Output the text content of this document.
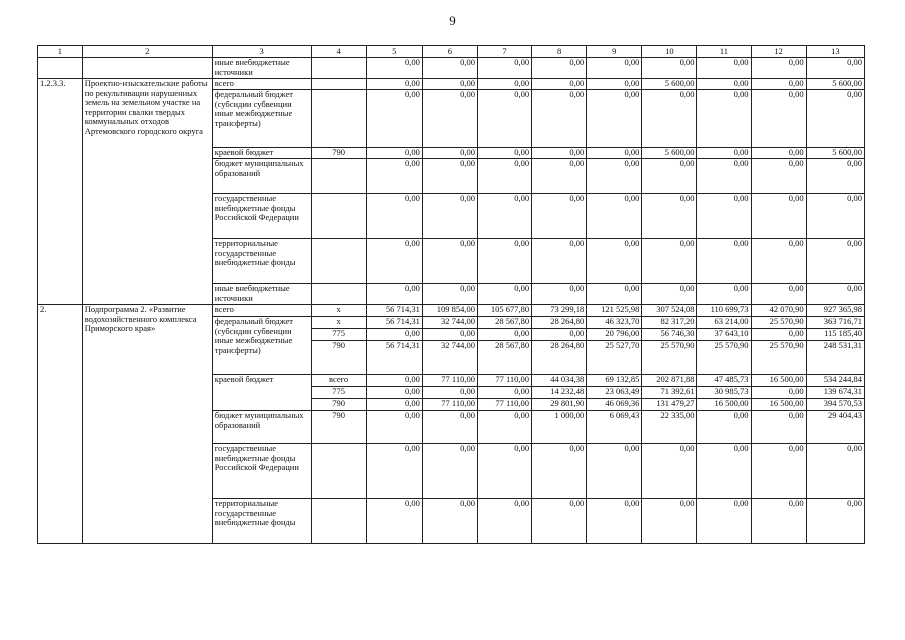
9
1	2	3	4	5	6	7	8	9	10	11	12	13
		иные внебюджетные источники		0,00	0,00	0,00	0,00	0,00	0,00	0,00	0,00	0,00
1.2.3.3.	Проектно-изыскательские работы по рекультивации нарушенных земель на земельном участке на территории свалки твердых коммунальных отходов Артемовского городского округа	всего		0,00	0,00	0,00	0,00	0,00	5 600,00	0,00	0,00	5 600,00
		федеральный бюджет (субсидии субвенции иные межбюджетные трансферты)		0,00	0,00	0,00	0,00	0,00	0,00	0,00	0,00	0,00
		краевой бюджет	790	0,00	0,00	0,00	0,00	0,00	5 600,00	0,00	0,00	5 600,00
		бюджет муниципальных образований		0,00	0,00	0,00	0,00	0,00	0,00	0,00	0,00	0,00
		государственные внебюджетные фонды Российской Федерации		0,00	0,00	0,00	0,00	0,00	0,00	0,00	0,00	0,00
		территориальные государственные внебюджетные фонды		0,00	0,00	0,00	0,00	0,00	0,00	0,00	0,00	0,00
		иные внебюджетные источники		0,00	0,00	0,00	0,00	0,00	0,00	0,00	0,00	0,00
2.	Подпрограмма 2. «Развитие водохозяйственного комплекса Приморского края»	всего	х	56 714,31	109 854,00	105 677,80	73 299,18	121 525,98	307 524,08	110 699,73	42 070,90	927 365,98
		федеральный бюджет (субсидии субвенции иные межбюджетные трансферты)	х	56 714,31	32 744,00	28 567,80	28 264,80	46 323,70	82 317,20	63 214,00	25 570,90	363 716,71
			775	0,00	0,00	0,00	0,00	20 796,00	56 746,30	37 643,10	0,00	115 185,40
			790	56 714,31	32 744,00	28 567,80	28 264,80	25 527,70	25 570,90	25 570,90	25 570,90	248 531,31
		краевой бюджет	всего	0,00	77 110,00	77 110,00	44 034,38	69 132,85	202 871,88	47 485,73	16 500,00	534 244,84
			775	0,00	0,00	0,00	14 232,48	23 063,49	71 392,61	30 985,73	0,00	139 674,31
			790	0,00	77 110,00	77 110,00	29 801,90	46 069,36	131 479,27	16 500,00	16 500,00	394 570,53
		бюджет муниципальных образований	790	0,00	0,00	0,00	1 000,00	6 069,43	22 335,00	0,00	0,00	29 404,43
		государственные внебюджетные фонды Российской Федерации		0,00	0,00	0,00	0,00	0,00	0,00	0,00	0,00	0,00
		территориальные государственные внебюджетные фонды		0,00	0,00	0,00	0,00	0,00	0,00	0,00	0,00	0,00
